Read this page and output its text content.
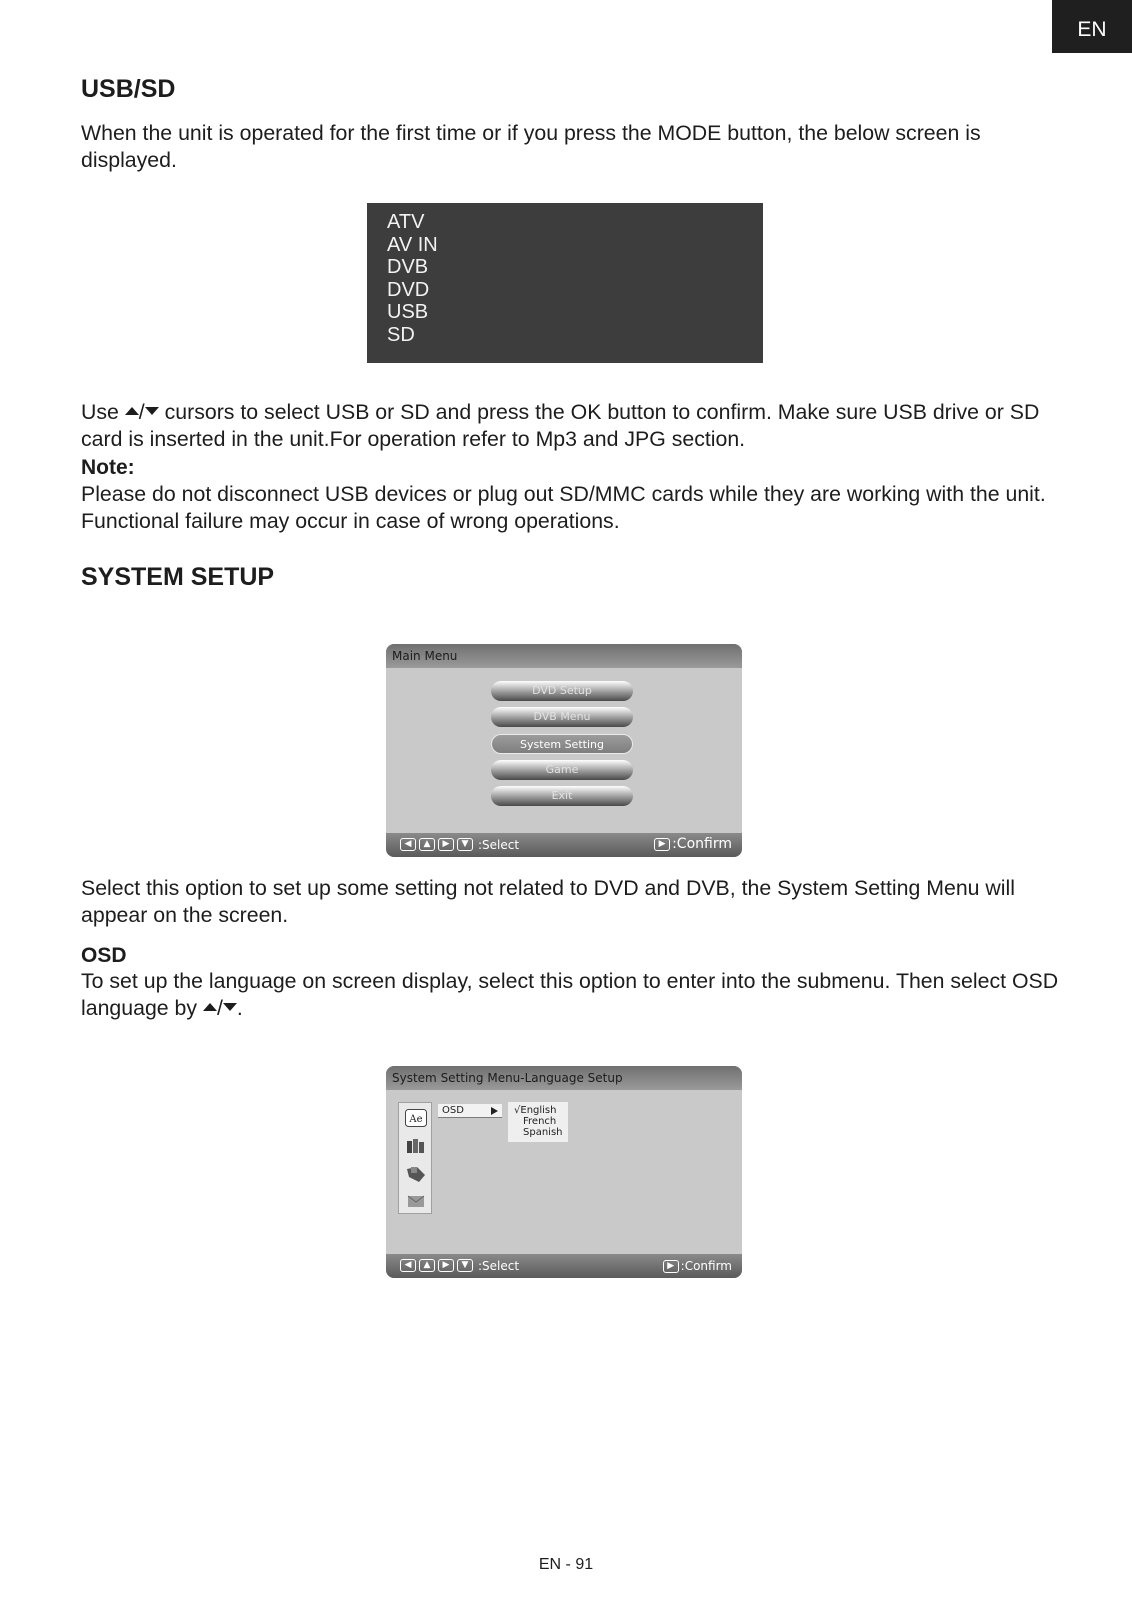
EN
USB/SD

When the unit is operated for the first time or if you press the MODE button, the below screen is displayed.

ATV
AV IN
DVB
DVD
USB
SD

Use / cursors to select USB or SD and press the OK button to confirm. Make sure USB drive or SD card is inserted in the unit.For operation refer to Mp3 and JPG section.

Note:

Please do not disconnect USB devices or plug out SD/MMC cards while they are working with the unit. Functional failure may occur in case of wrong operations.

SYSTEM SETUP
Main Menu
DVD Setup
DVB Menu
System Setting
Game
Exit
◀	▲	▶	▼ :Select	▶ :Confirm

Select this option to set up some setting not related to DVD and DVB, the System Setting Menu will appear on the screen.

OSD

To set up the language on screen display, select this option to enter into the submenu. Then select OSD language by / .

System Setting Menu-Language Setup
Ae
OSD	√English
French
Spanish
◀	▲	▶	▼ :Select	▶ :Confirm
EN - 91
